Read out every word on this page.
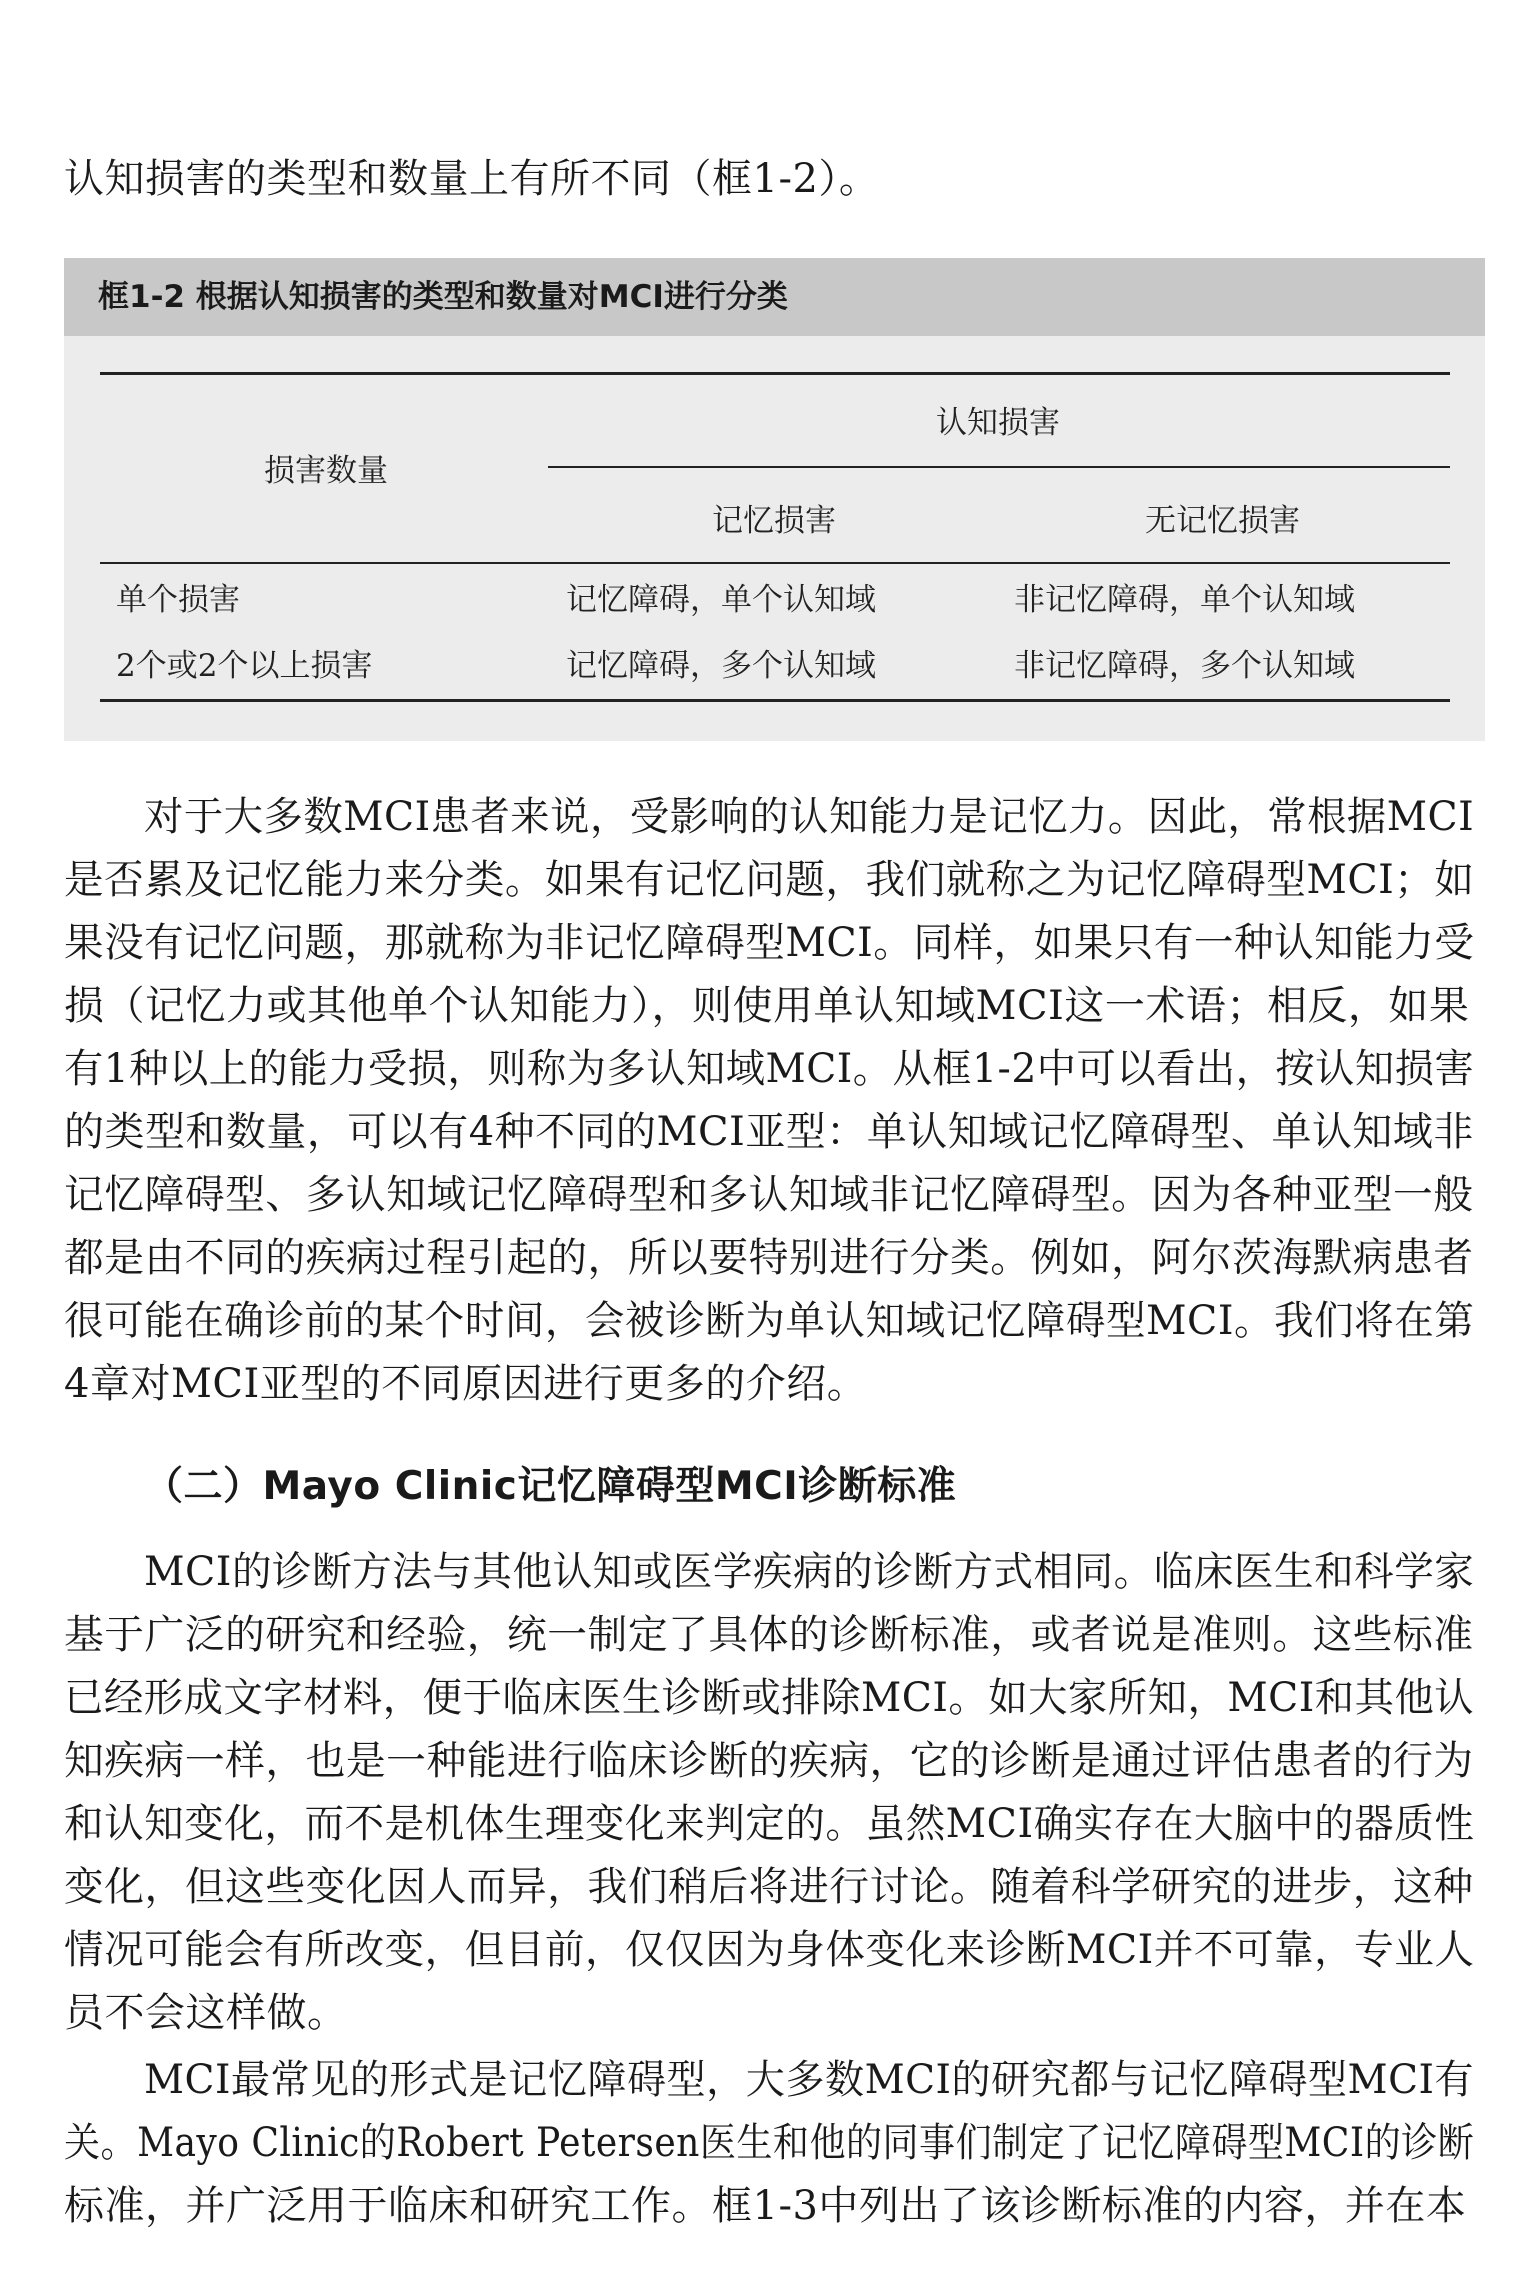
认知损害的类型和数量上有所不同（框1-2）。
框1-2 根据认知损害的类型和数量对MCI进行分类
损害数量
认知损害
记忆损害	无记忆损害
单个损害	记忆障碍，单个认知域	非记忆障碍，单个认知域
2个或2个以上损害	记忆障碍，多个认知域	非记忆障碍，多个认知域
对于大多数MCI患者来说，受影响的认知能力是记忆力。因此，常根据MCI
是否累及记忆能力来分类。如果有记忆问题，我们就称之为记忆障碍型MCI；如
果没有记忆问题，那就称为非记忆障碍型MCI。同样，如果只有一种认知能力受
损（记忆力或其他单个认知能力），则使用单认知域MCI这一术语；相反，如果
有1种以上的能力受损，则称为多认知域MCI。从框1-2中可以看出，按认知损害
的类型和数量，可以有4种不同的MCI亚型：单认知域记忆障碍型、单认知域非
记忆障碍型、多认知域记忆障碍型和多认知域非记忆障碍型。因为各种亚型一般
都是由不同的疾病过程引起的，所以要特别进行分类。例如，阿尔茨海默病患者
很可能在确诊前的某个时间，会被诊断为单认知域记忆障碍型MCI。我们将在第
4章对MCI亚型的不同原因进行更多的介绍。
（二）Mayo Clinic记忆障碍型MCI诊断标准
MCI的诊断方法与其他认知或医学疾病的诊断方式相同。临床医生和科学家
基于广泛的研究和经验，统一制定了具体的诊断标准，或者说是准则。这些标准
已经形成文字材料，便于临床医生诊断或排除MCI。如大家所知，MCI和其他认
知疾病一样，也是一种能进行临床诊断的疾病，它的诊断是通过评估患者的行为
和认知变化，而不是机体生理变化来判定的。虽然MCI确实存在大脑中的器质性
变化，但这些变化因人而异，我们稍后将进行讨论。随着科学研究的进步，这种
情况可能会有所改变，但目前，仅仅因为身体变化来诊断MCI并不可靠，专业人
员不会这样做。
MCI最常见的形式是记忆障碍型，大多数MCI的研究都与记忆障碍型MCI有
关。Mayo Clinic的Robert Petersen医生和他的同事们制定了记忆障碍型MCI的诊断
标准，并广泛用于临床和研究工作。框1-3中列出了该诊断标准的内容，并在本
